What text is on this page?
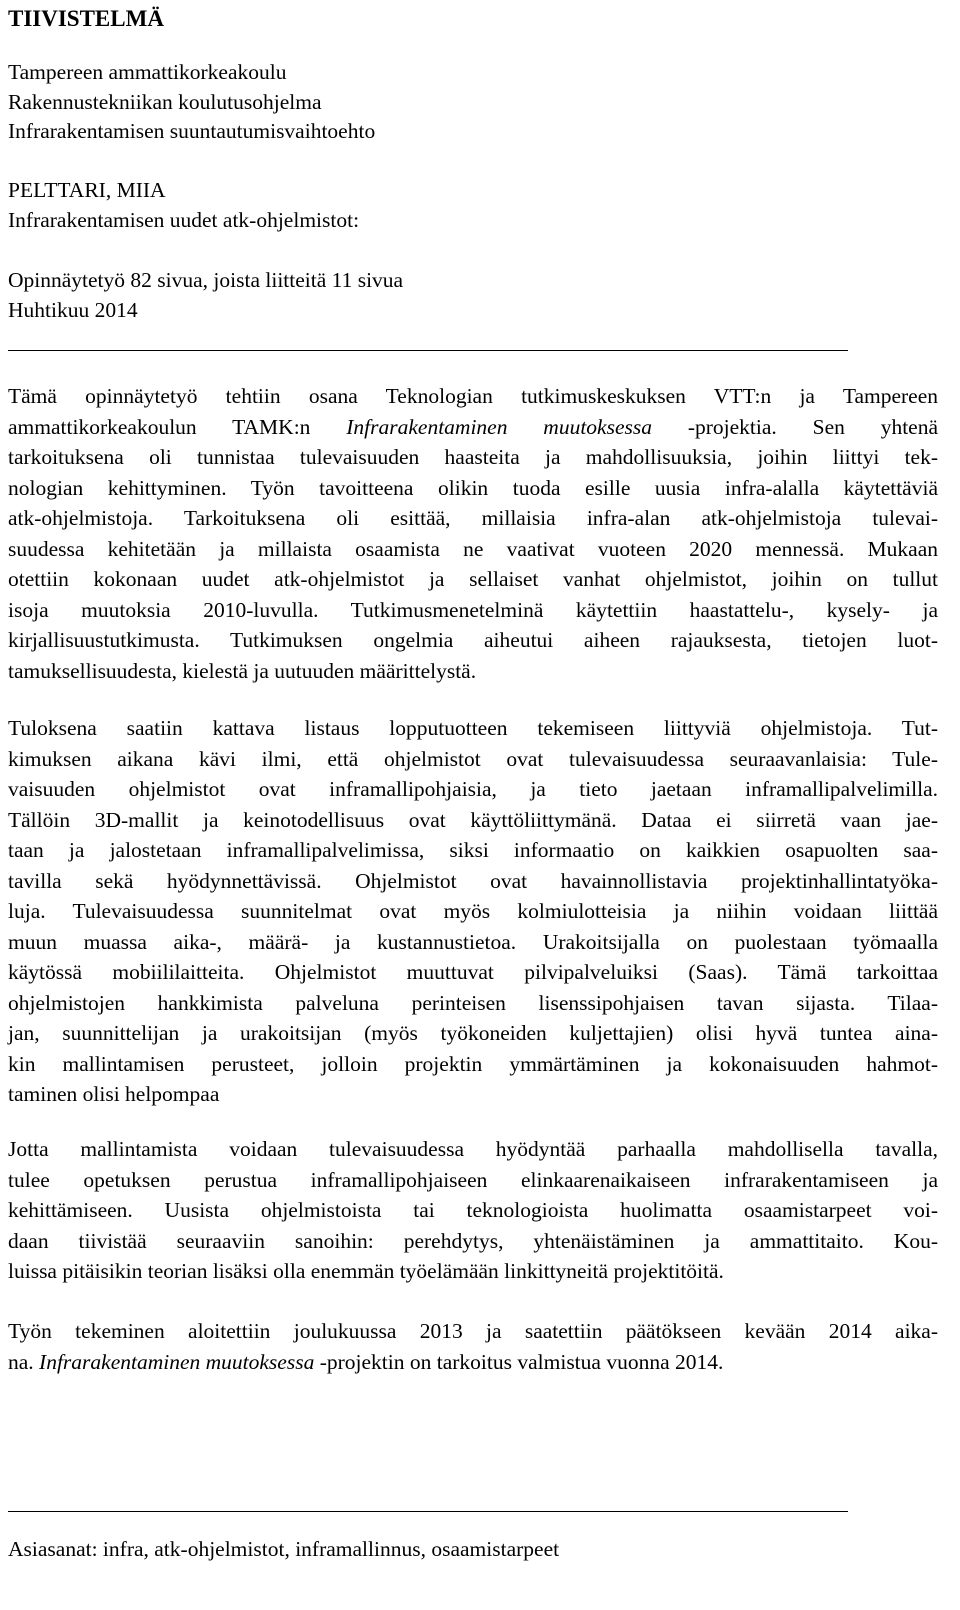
TIIVISTELMÄ
Tampereen ammattikorkeakoulu
Rakennustekniikan koulutusohjelma
Infrarakentamisen suuntautumisvaihtoehto
PELTTARI, MIIA
Infrarakentamisen uudet atk-ohjelmistot:
Opinnäytetyö 82 sivua, joista liitteitä 11 sivua
Huhtikuu 2014
Tämä opinnäytetyö tehtiin osana Teknologian tutkimuskeskuksen VTT:n ja Tampereen
ammattikorkeakoulun TAMK:n Infrarakentaminen muutoksessa -projektia. Sen yhtenä
tarkoituksena oli tunnistaa tulevaisuuden haasteita ja mahdollisuuksia, joihin liittyi tek-
nologian kehittyminen. Työn tavoitteena olikin tuoda esille uusia infra-alalla käytettäviä
atk-ohjelmistoja. Tarkoituksena oli esittää, millaisia infra-alan atk-ohjelmistoja tulevai-
suudessa kehitetään ja millaista osaamista ne vaativat vuoteen 2020 mennessä. Mukaan
otettiin kokonaan uudet atk-ohjelmistot ja sellaiset vanhat ohjelmistot, joihin on tullut
isoja muutoksia 2010-luvulla. Tutkimusmenetelminä käytettiin haastattelu-, kysely- ja
kirjallisuustutkimusta. Tutkimuksen ongelmia aiheutui aiheen rajauksesta, tietojen luot-
tamuksellisuudesta, kielestä ja uutuuden määrittelystä.
Tuloksena saatiin kattava listaus lopputuotteen tekemiseen liittyviä ohjelmistoja. Tut-
kimuksen aikana kävi ilmi, että ohjelmistot ovat tulevaisuudessa seuraavanlaisia: Tule-
vaisuuden ohjelmistot ovat inframallipohjaisia, ja tieto jaetaan inframallipalvelimilla.
Tällöin 3D-mallit ja keinotodellisuus ovat käyttöliittymänä. Dataa ei siirretä vaan jae-
taan ja jalostetaan inframallipalvelimissa, siksi informaatio on kaikkien osapuolten saa-
tavilla sekä hyödynnettävissä. Ohjelmistot ovat havainnollistavia projektinhallintatyöka-
luja. Tulevaisuudessa suunnitelmat ovat myös kolmiulotteisia ja niihin voidaan liittää
muun muassa aika-, määrä- ja kustannustietoa. Urakoitsijalla on puolestaan työmaalla
käytössä mobiililaitteita. Ohjelmistot muuttuvat pilvipalveluiksi (Saas). Tämä tarkoittaa
ohjelmistojen hankkimista palveluna perinteisen lisenssipohjaisen tavan sijasta. Tilaa-
jan, suunnittelijan ja urakoitsijan (myös työkoneiden kuljettajien) olisi hyvä tuntea aina-
kin mallintamisen perusteet, jolloin projektin ymmärtäminen ja kokonaisuuden hahmot-
taminen olisi helpompaa
Jotta mallintamista voidaan tulevaisuudessa hyödyntää parhaalla mahdollisella tavalla,
tulee opetuksen perustua inframallipohjaiseen elinkaarenaikaiseen infrarakentamiseen ja
kehittämiseen. Uusista ohjelmistoista tai teknologioista huolimatta osaamistarpeet voi-
daan tiivistää seuraaviin sanoihin: perehdytys, yhtenäistäminen ja ammattitaito. Kou-
luissa pitäisikin teorian lisäksi olla enemmän työelämään linkittyneitä projektitöitä.
Työn tekeminen aloitettiin joulukuussa 2013 ja saatettiin päätökseen kevään 2014 aika-
na. Infrarakentaminen muutoksessa -projektin on tarkoitus valmistua vuonna 2014.
Asiasanat: infra, atk-ohjelmistot, inframallinnus, osaamistarpeet
